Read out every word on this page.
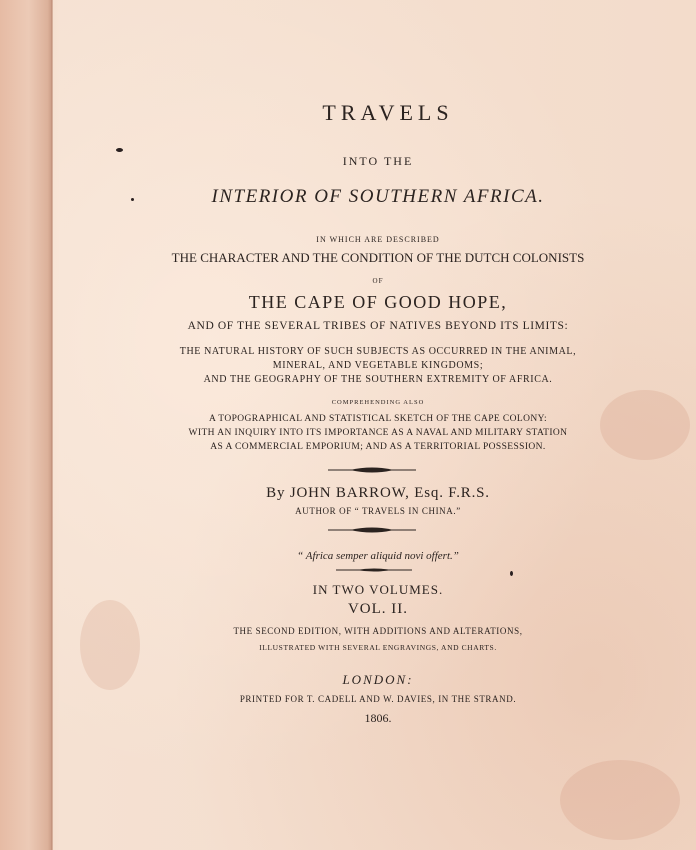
TRAVELS
INTO THE
INTERIOR OF SOUTHERN AFRICA.
IN WHICH ARE DESCRIBED
THE CHARACTER AND THE CONDITION OF THE DUTCH COLONISTS
OF
THE CAPE OF GOOD HOPE,
AND OF THE SEVERAL TRIBES OF NATIVES BEYOND ITS LIMITS:
THE NATURAL HISTORY OF SUCH SUBJECTS AS OCCURRED IN THE ANIMAL,
MINERAL, AND VEGETABLE KINGDOMS;
AND THE GEOGRAPHY OF THE SOUTHERN EXTREMITY OF AFRICA.
COMPREHENDING ALSO
A TOPOGRAPHICAL AND STATISTICAL SKETCH OF THE CAPE COLONY:
WITH AN INQUIRY INTO ITS IMPORTANCE AS A NAVAL AND MILITARY STATION
AS A COMMERCIAL EMPORIUM; AND AS A TERRITORIAL POSSESSION.
By JOHN BARROW, Esq. F.R.S.
AUTHOR OF “ TRAVELS IN CHINA.”
“ Africa semper aliquid novi offert.”
IN TWO VOLUMES.
VOL. II.
THE SECOND EDITION, WITH ADDITIONS AND ALTERATIONS,
ILLUSTRATED WITH SEVERAL ENGRAVINGS, AND CHARTS.
LONDON:
PRINTED FOR T. CADELL AND W. DAVIES, IN THE STRAND.
1806.
